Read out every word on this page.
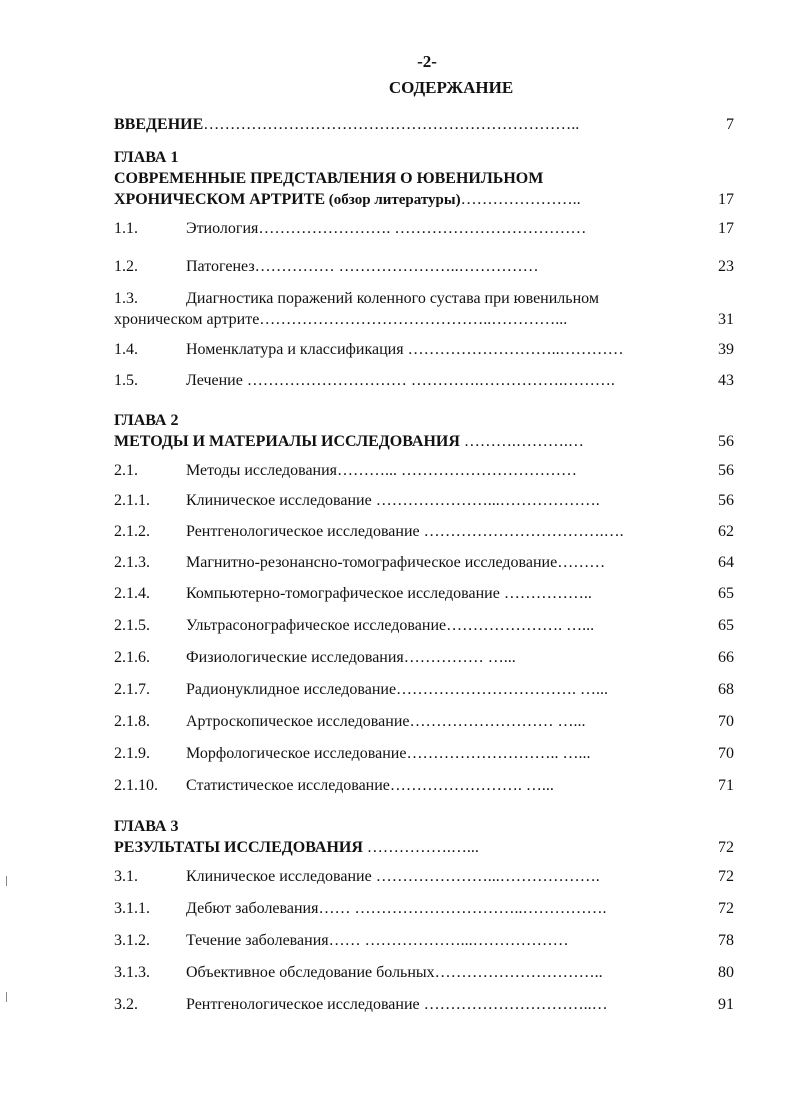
-2-
СОДЕРЖАНИЕ
ВВЕДЕНИЕ……………………………………………………………..	7
ГЛАВА 1
СОВРЕМЕННЫЕ ПРЕДСТАВЛЕНИЯ О ЮВЕНИЛЬНОМ
ХРОНИЧЕСКОМ АРТРИТЕ (обзор литературы)…………………..	17
1.1.	Этиология……………………. ………………………………	17
1.2.	Патогенез…………… …………………..……………	23
1.3.	Диагностика поражений коленного сустава при ювенильном
хроническом артрите……………………………………..…………...	31
1.4.	Номенклатура и классификация ………………………..…………	39
1.5.	Лечение ………………………… ………….…………….……….	43
ГЛАВА 2
МЕТОДЫ И МАТЕРИАЛЫ ИССЛЕДОВАНИЯ ……….……….…	56
2.1.	Методы исследования………... ……………………………	56
2.1.1. Клиническое исследование …………………...……………….	56
2.1.2. Рентгенологическое исследование …………………………….….	62
2.1.3. Магнитно-резонансно-томографическое исследование………	64
2.1.4. Компьютерно-томографическое исследование ……………..	65
2.1.5. Ультрасонографическое исследование…………………. …...	65
2.1.6. Физиологические исследования…………… …...	66
2.1.7. Радионуклидное исследование……………………………. …...	68
2.1.8. Артроскопическое исследование……………………… …...	70
2.1.9. Морфологическое исследование……………………….. …...	70
2.1.10. Статистическое исследование……………………. …...	71
ГЛАВА 3
РЕЗУЛЬТАТЫ ИССЛЕДОВАНИЯ …………….…...	72
3.1.	Клиническое исследование …………………...……………….	72
3.1.1. Дебют заболевания…… …………………………..…………….	72
3.1.2. Течение заболевания…… ………………...………………	78
3.1.3. Объективное обследование больных…………………………..	80
3.2.	Рентгенологическое исследование …………………………..…	91
